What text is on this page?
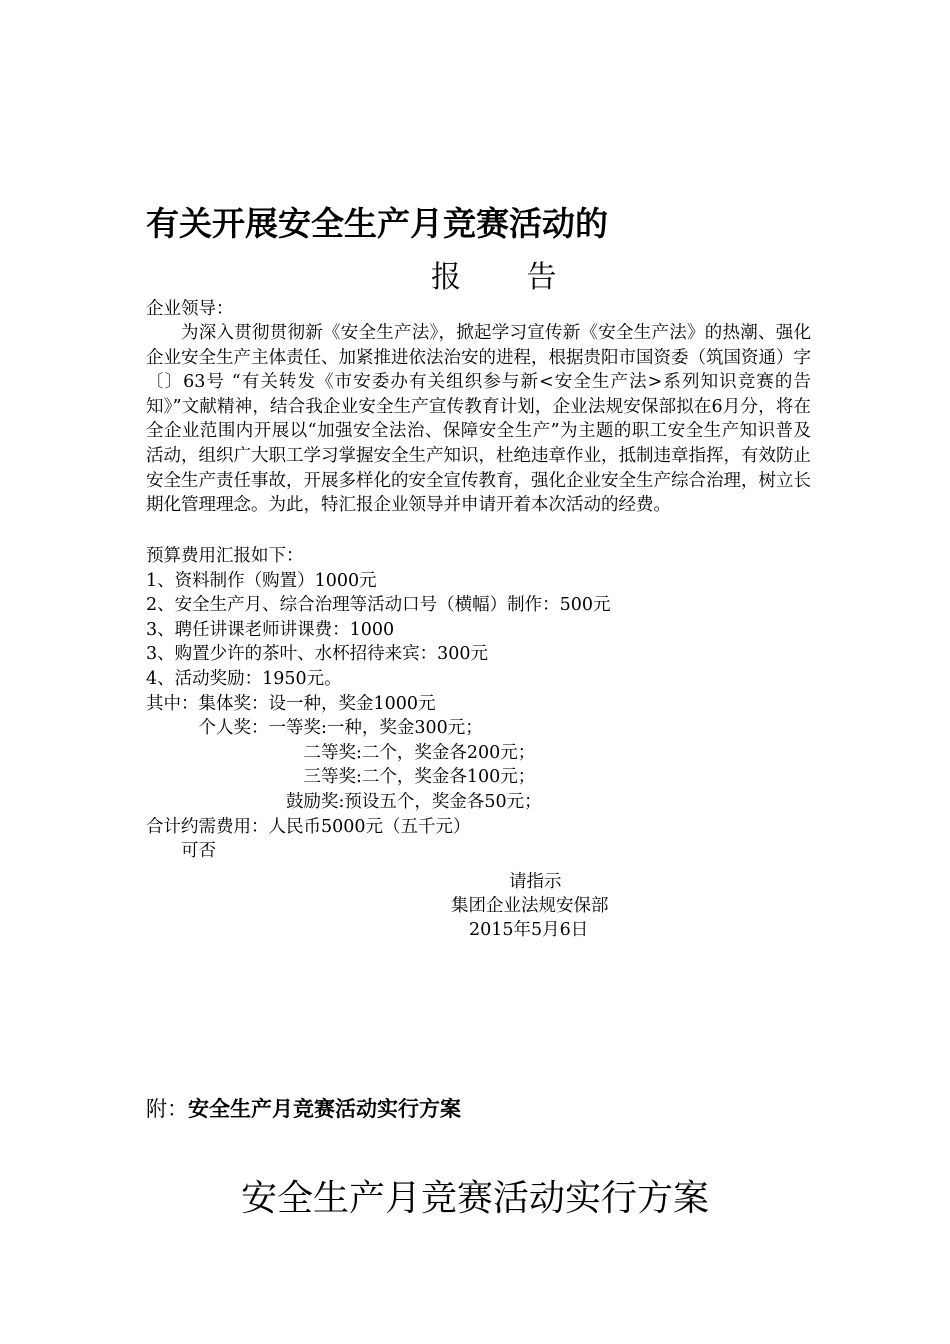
有关开展安全生产月竞赛活动的
报 告
企业领导：
为深入贯彻贯彻新《安全生产法》，掀起学习宣传新《安全生产法》的热潮、强化企业安全生产主体责任、加紧推进依法治安的进程，根据贵阳市国资委（筑国资通）字〔〕63号 “有关转发《市安委办有关组织参与新<安全生产法>系列知识竞赛的告知》”文献精神，结合我企业安全生产宣传教育计划，企业法规安保部拟在6月分，将在全企业范围内开展以“加强安全法治、保障安全生产”为主题的职工安全生产知识普及活动，组织广大职工学习掌握安全生产知识，杜绝违章作业，抵制违章指挥，有效防止安全生产责任事故，开展多样化的安全宣传教育，强化企业安全生产综合治理，树立长期化管理理念。为此，特汇报企业领导并申请开着本次活动的经费。
预算费用汇报如下：
1、资料制作（购置）1000元
2、安全生产月、综合治理等活动口号（横幅）制作：500元
3、聘任讲课老师讲课费：1000
3、购置少许的茶叶、水杯招待来宾：300元
4、活动奖励：1950元。
其中：集体奖：设一种，奖金1000元
　　　个人奖：一等奖:一种，奖金300元；
　　　　　　　　　二等奖:二个，奖金各200元；
　　　　　　　　　三等奖:二个，奖金各100元；
　　　　　　　　鼓励奖:预设五个，奖金各50元；
合计约需费用：人民币5000元（五千元）
　　可否
请指示
集团企业法规安保部
2015年5月6日
附：安全生产月竞赛活动实行方案
安全生产月竞赛活动实行方案
